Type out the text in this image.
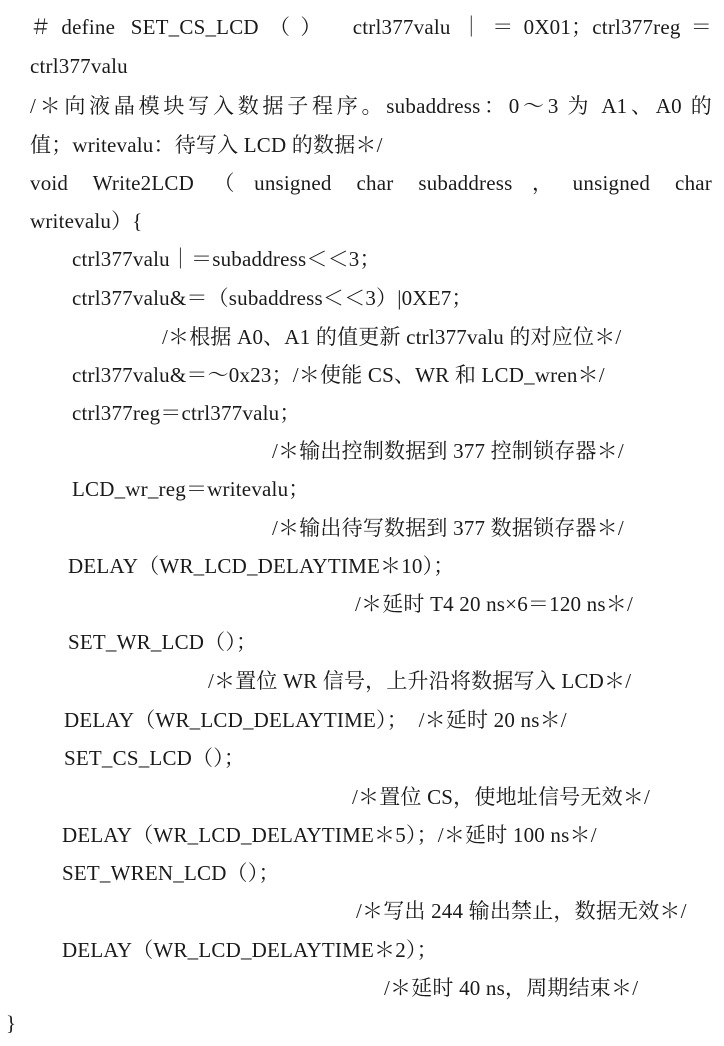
＃define SET_CS_LCD（）　ctrl377valu｜＝0X01；ctrl377reg＝
ctrl377valu
/＊向液晶模块写入数据子程序。subaddress：0～3 为 A1、A0 的
值；writevalu：待写入 LCD 的数据＊/
void Write2LCD（unsigned char subaddress，unsigned char
writevalu）{
ctrl377valu｜＝subaddress＜＜3；
ctrl377valu&＝（subaddress＜＜3）|0XE7；
/＊根据 A0、A1 的值更新 ctrl377valu 的对应位＊/
ctrl377valu&＝～0x23；/＊使能 CS、WR 和 LCD_wren＊/
ctrl377reg＝ctrl377valu；
/＊输出控制数据到 377 控制锁存器＊/
LCD_wr_reg＝writevalu；
/＊输出待写数据到 377 数据锁存器＊/
DELAY（WR_LCD_DELAYTIME＊10）；
/＊延时 T4 20 ns×6＝120 ns＊/
SET_WR_LCD（）；
/＊置位 WR 信号，上升沿将数据写入 LCD＊/
DELAY（WR_LCD_DELAYTIME）；　/＊延时 20 ns＊/
SET_CS_LCD（）；
/＊置位 CS，使地址信号无效＊/
DELAY（WR_LCD_DELAYTIME＊5）；/＊延时 100 ns＊/
SET_WREN_LCD（）；
/＊写出 244 输出禁止，数据无效＊/
DELAY（WR_LCD_DELAYTIME＊2）；
/＊延时 40 ns，周期结束＊/
}
